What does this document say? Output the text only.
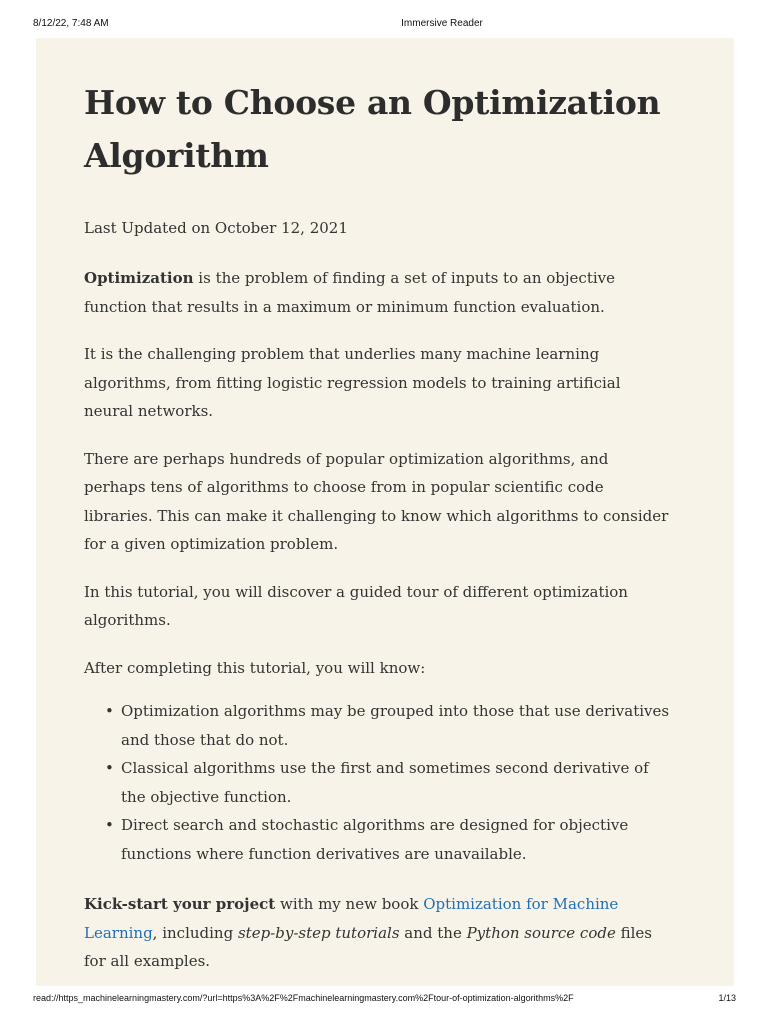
8/12/22, 7:48 AM	Immersive Reader
How to Choose an Optimization
Algorithm
Last Updated on October 12, 2021

Optimization is the problem of finding a set of inputs to an objective function that results in a maximum or minimum function evaluation.

It is the challenging problem that underlies many machine learning algorithms, from fitting logistic regression models to training artificial neural networks.

There are perhaps hundreds of popular optimization algorithms, and perhaps tens of algorithms to choose from in popular scientific code libraries. This can make it challenging to know which algorithms to consider for a given optimization problem.

In this tutorial, you will discover a guided tour of different optimization algorithms.

After completing this tutorial, you will know:

• Optimization algorithms may be grouped into those that use derivatives and those that do not.
• Classical algorithms use the first and sometimes second derivative of the objective function.
• Direct search and stochastic algorithms are designed for objective functions where function derivatives are unavailable.

Kick-start your project with my new book Optimization for Machine Learning, including step-by-step tutorials and the Python source code files for all examples.

read://https_machinelearningmastery.com/?url=https%3A%2F%2Fmachinelearningmastery.com%2Ftour-of-optimization-algorithms%2F	1/13
